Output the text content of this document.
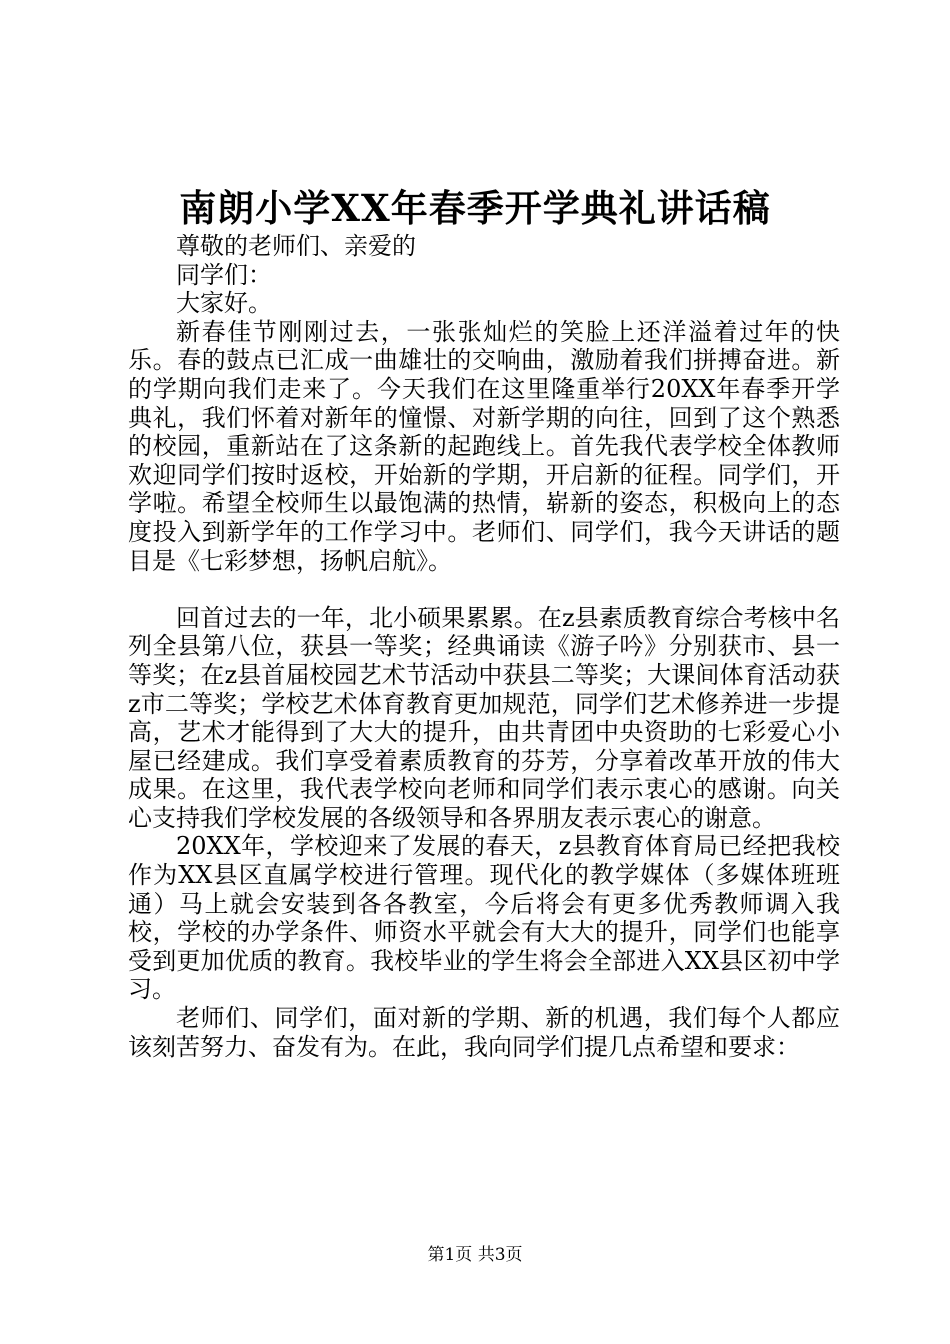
南朗小学XX年春季开学典礼讲话稿

尊敬的老师们、亲爱的

同学们：

大家好。

新春佳节刚刚过去，一张张灿烂的笑脸上还洋溢着过年的快乐。春的鼓点已汇成一曲雄壮的交响曲，激励着我们拼搏奋进。新的学期向我们走来了。今天我们在这里隆重举行20XX年春季开学典礼，我们怀着对新年的憧憬、对新学期的向往，回到了这个熟悉的校园，重新站在了这条新的起跑线上。首先我代表学校全体教师欢迎同学们按时返校，开始新的学期，开启新的征程。同学们，开学啦。希望全校师生以最饱满的热情，崭新的姿态，积极向上的态度投入到新学年的工作学习中。老师们、同学们，我今天讲话的题目是《七彩梦想，扬帆启航》。

回首过去的一年，北小硕果累累。在z县素质教育综合考核中名列全县第八位，获县一等奖；经典诵读《游子吟》分别获市、县一等奖；在z县首届校园艺术节活动中获县二等奖；大课间体育活动获z市二等奖；学校艺术体育教育更加规范，同学们艺术修养进一步提高，艺术才能得到了大大的提升，由共青团中央资助的七彩爱心小屋已经建成。我们享受着素质教育的芬芳，分享着改革开放的伟大成果。在这里，我代表学校向老师和同学们表示衷心的感谢。向关心支持我们学校发展的各级领导和各界朋友表示衷心的谢意。

20XX年，学校迎来了发展的春天，z县教育体育局已经把我校作为XX县区直属学校进行管理。现代化的教学媒体（多媒体班班通）马上就会安装到各各教室，今后将会有更多优秀教师调入我校，学校的办学条件、师资水平就会有大大的提升，同学们也能享受到更加优质的教育。我校毕业的学生将会全部进入XX县区初中学习。

老师们、同学们，面对新的学期、新的机遇，我们每个人都应该刻苦努力、奋发有为。在此，我向同学们提几点希望和要求：

第1页 共3页
